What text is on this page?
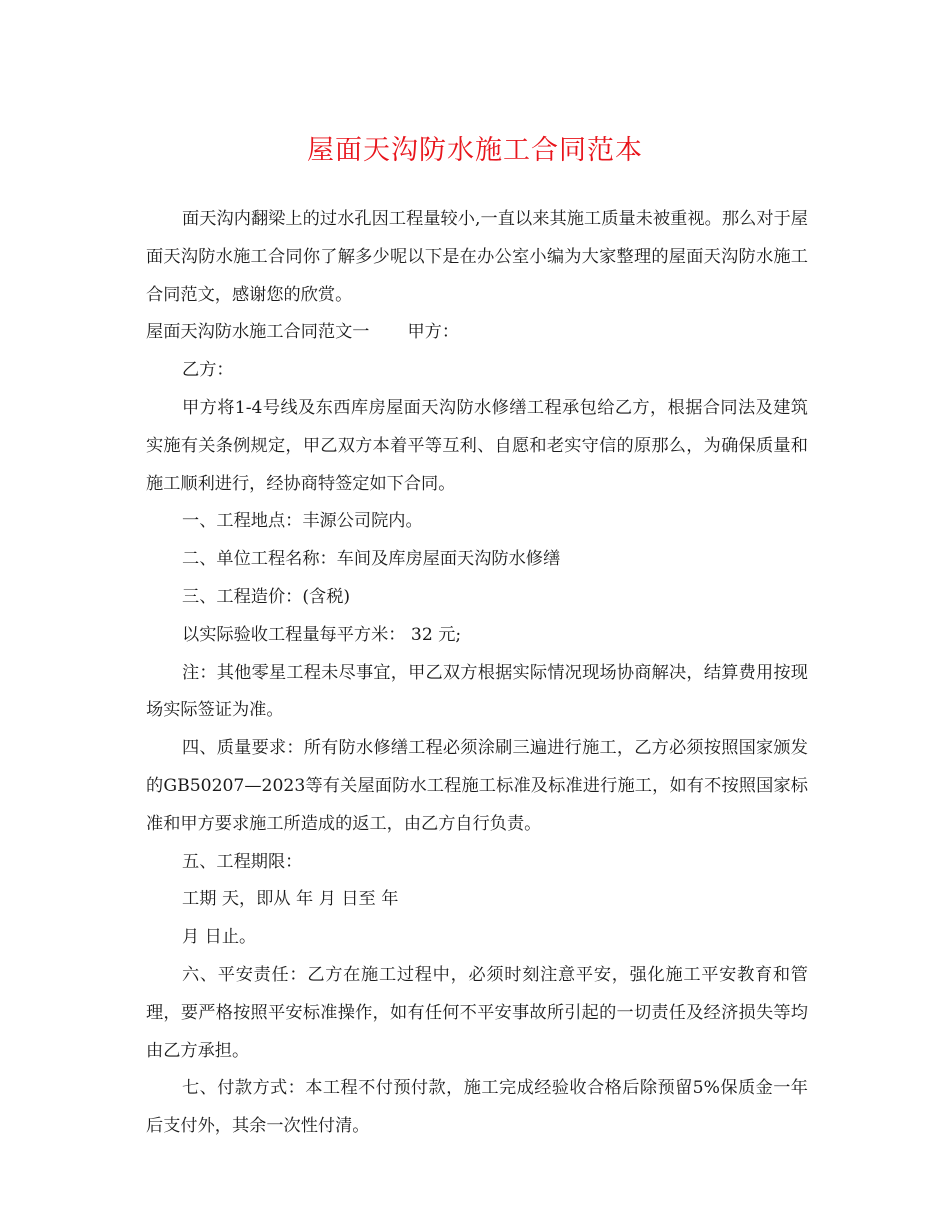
屋面天沟防水施工合同范本

面天沟内翻梁上的过水孔因工程量较小,一直以来其施工质量未被重视。那么对于屋面天沟防水施工合同你了解多少呢以下是在办公室小编为大家整理的屋面天沟防水施工合同范文，感谢您的欣赏。

屋面天沟防水施工合同范文一 甲方：

乙方：

甲方将1-4号线及东西库房屋面天沟防水修缮工程承包给乙方，根据合同法及建筑实施有关条例规定，甲乙双方本着平等互利、自愿和老实守信的原那么，为确保质量和施工顺利进行，经协商特签定如下合同。

一、工程地点：丰源公司院内。

二、单位工程名称：车间及库房屋面天沟防水修缮

三、工程造价：(含税)

以实际验收工程量每平方米： 32 元;

注：其他零星工程未尽事宜，甲乙双方根据实际情况现场协商解决，结算费用按现场实际签证为准。

四、质量要求：所有防水修缮工程必须涂刷三遍进行施工，乙方必须按照国家颁发的GB50207—2023等有关屋面防水工程施工标准及标准进行施工，如有不按照国家标准和甲方要求施工所造成的返工，由乙方自行负责。

五、工程期限：

工期 天，即从 年 月 日至 年

月 日止。

六、平安责任：乙方在施工过程中，必须时刻注意平安，强化施工平安教育和管理，要严格按照平安标准操作，如有任何不平安事故所引起的一切责任及经济损失等均由乙方承担。

七、付款方式：本工程不付预付款，施工完成经验收合格后除预留5%保质金一年后支付外，其余一次性付清。
